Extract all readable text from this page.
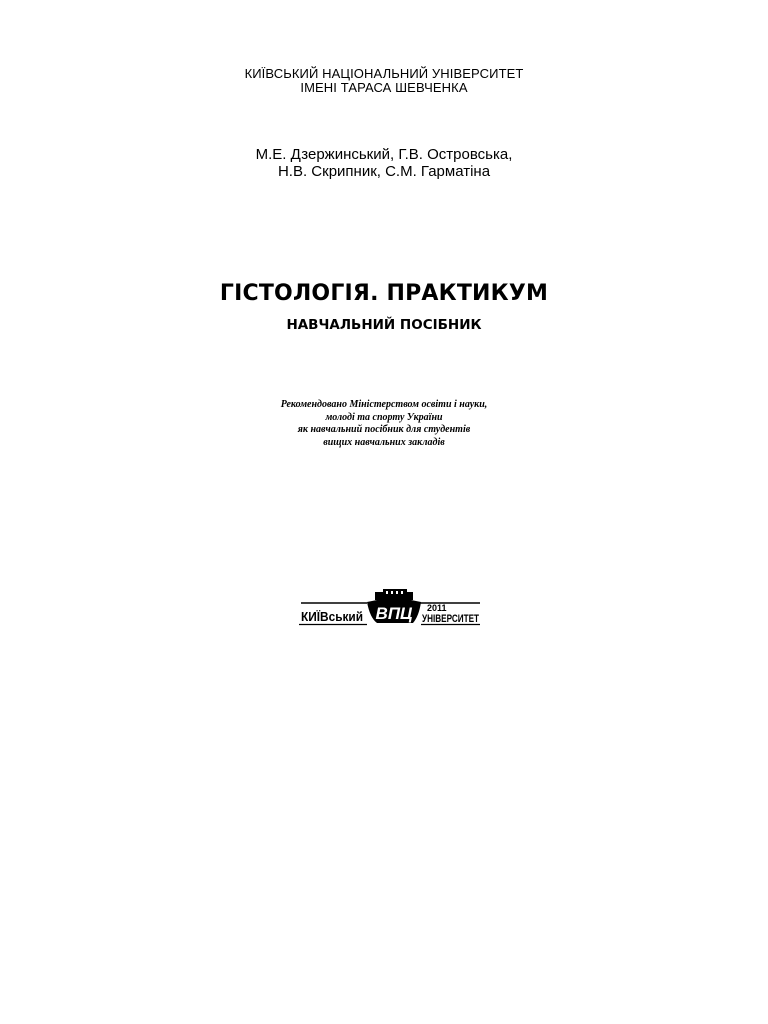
КИЇВСЬКИЙ НАЦІОНАЛЬНИЙ УНІВЕРСИТЕТ
ІМЕНІ ТАРАСА ШЕВЧЕНКА
М.Е. Дзержинський, Г.В. Островська,
Н.В. Скрипник, С.М. Гарматіна
ГІСТОЛОГІЯ. ПРАКТИКУМ
НАВЧАЛЬНИЙ ПОСІБНИК
Рекомендовано Міністерством освіти і науки,
молоді та спорту України
як навчальний посібник для студентів
вищих навчальних закладів
КИЇВський ВПЦ 2011
УНІВЕРСИТЕТ
